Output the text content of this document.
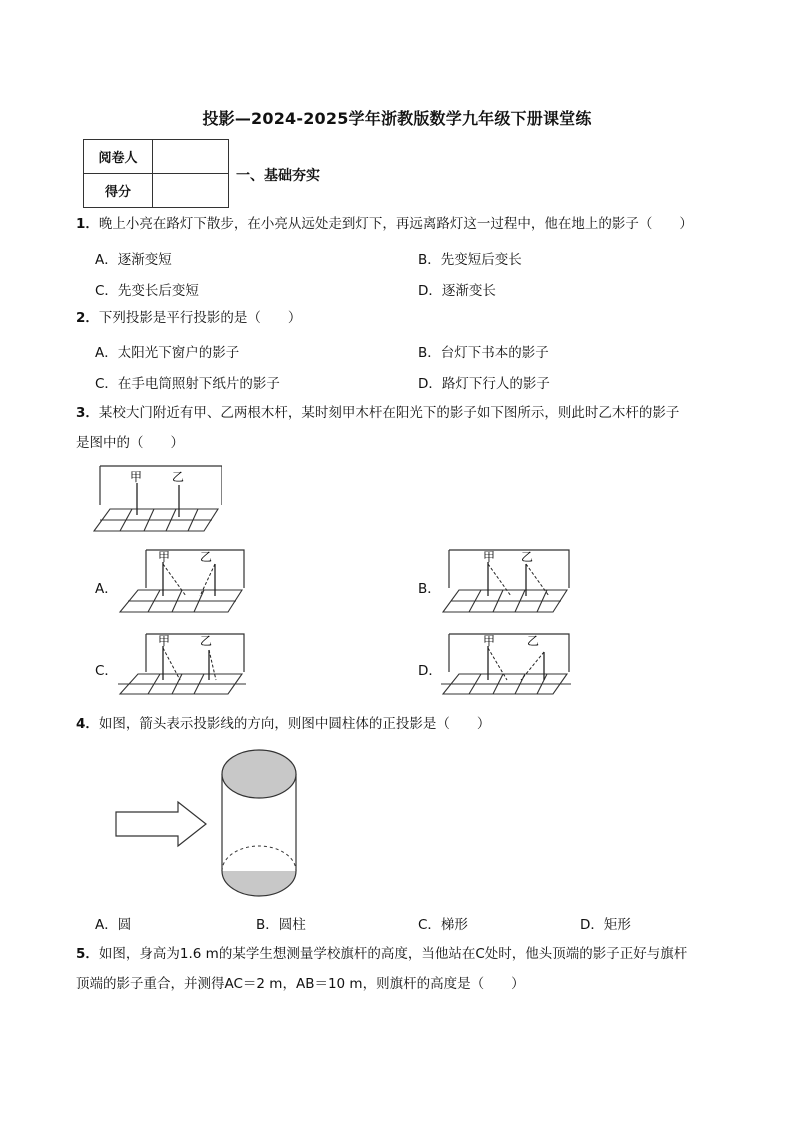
投影—2024-2025学年浙教版数学九年级下册课堂练
阅卷人	
得分	
一、基础夯实
1．晚上小亮在路灯下散步，在小亮从远处走到灯下，再远离路灯这一过程中，他在地上的影子（　　）
A．逐渐变短	B．先变短后变长
C．先变长后变短	D．逐渐变长
2．下列投影是平行投影的是（　　）
A．太阳光下窗户的影子	B．台灯下书本的影子
C．在手电筒照射下纸片的影子	D．路灯下行人的影子
3．某校大门附近有甲、乙两根木杆，某时刻甲木杆在阳光下的影子如下图所示，则此时乙木杆的影子
是图中的（　　）
甲 乙
A．
甲 乙
B．
甲 乙
C．
甲 乙
D．
甲	乙
4．如图，箭头表示投影线的方向，则图中圆柱体的正投影是（　　）
A．圆	B．圆柱	C．梯形	D．矩形
5．如图，身高为1.6 m的某学生想测量学校旗杆的高度，当他站在C处时，他头顶端的影子正好与旗杆
顶端的影子重合，并测得AC＝2 m，AB＝10 m，则旗杆的高度是（　　）
